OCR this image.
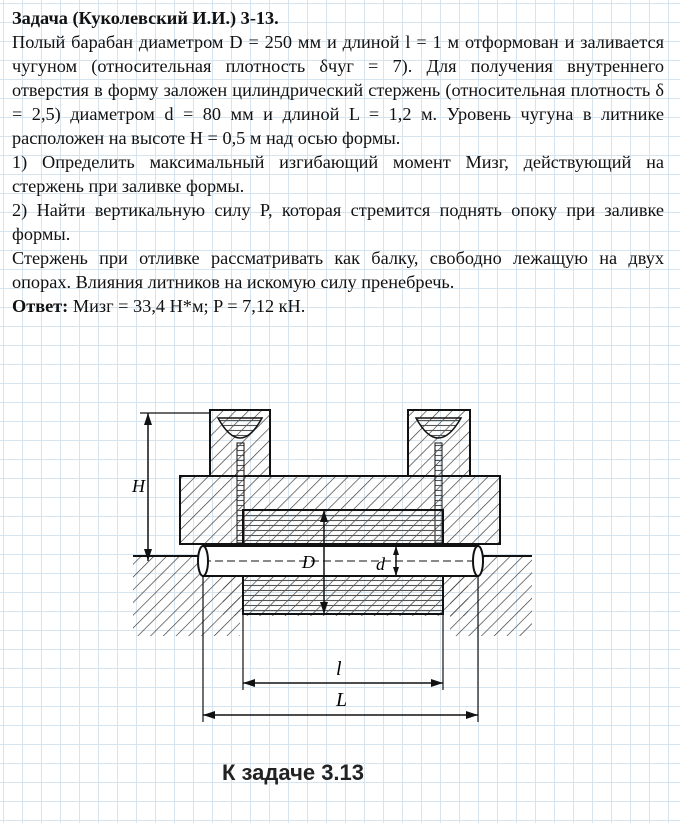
Задача (Куколевский И.И.) 3-13.

Полый барабан диаметром D = 250 мм и длиной l = 1 м отформован и заливается чугуном (относительная плотность δчуг = 7). Для получения внутреннего отверстия в форму заложен цилиндрический стержень (относительная плотность δ = 2,5) диаметром d = 80 мм и длиной L = 1,2 м. Уровень чугуна в литнике расположен на высоте H = 0,5 м над осью формы.

1) Определить максимальный изгибающий момент Мизг, действующий на стержень при заливке формы.

2) Найти вертикальную силу P, которая стремится поднять опоку при заливке формы.

Стержень при отливке рассматривать как балку, свободно лежащую на двух опорах. Влияния литников на искомую силу пренебречь.

Ответ: Мизг = 33,4 Н*м; P = 7,12 кН.

H
D	d
l
L
К задаче 3.13
